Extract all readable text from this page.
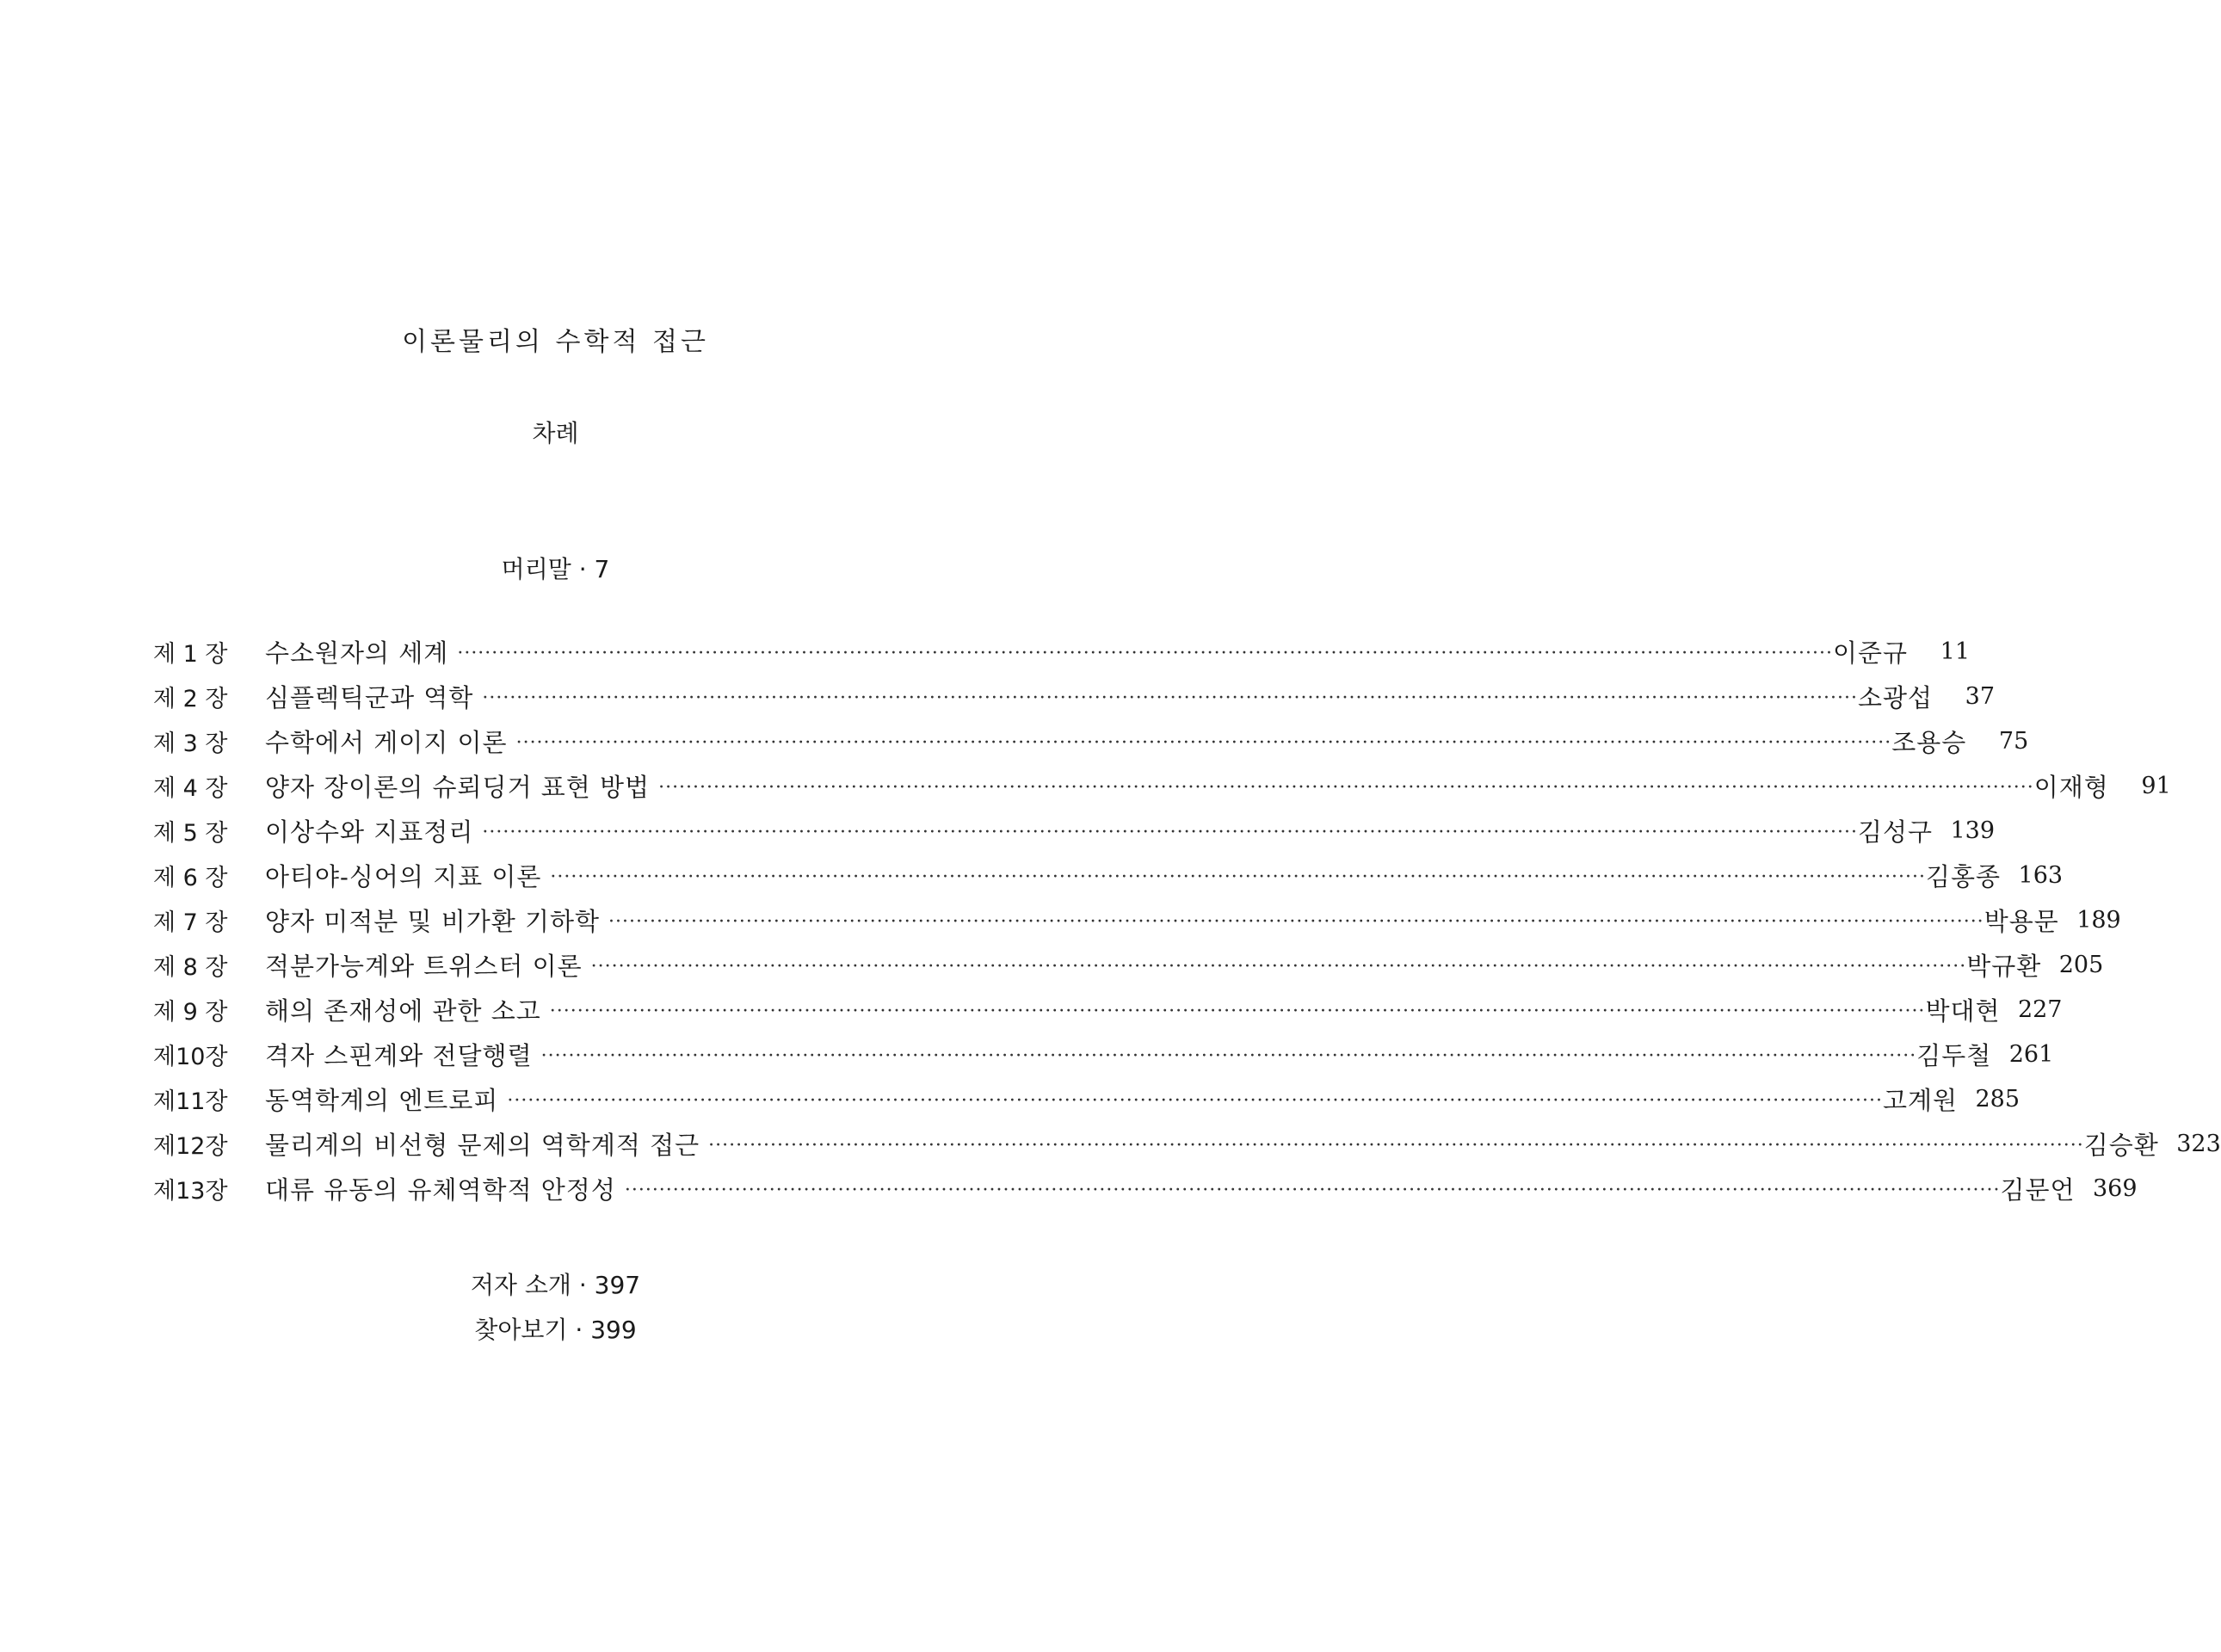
이론물리의 수학적 접근
차례
머리말 · 7
제 1 장	수소원자의 세계 ········································································································································································································ 이준규	11
제 2 장	심플렉틱군과 역학 ········································································································································································································ 소광섭	37
제 3 장	수학에서 게이지 이론 ········································································································································································································ 조용승	75
제 4 장	양자 장이론의 슈뢰딩거 표현 방법 ········································································································································································································ 이재형	91
제 5 장	이상수와 지표정리 ········································································································································································································ 김성구 139
제 6 장	아티야-싱어의 지표 이론 ········································································································································································································ 김홍종 163
제 7 장	양자 미적분 및 비가환 기하학 ········································································································································································································ 박용문 189
제 8 장	적분가능계와 트위스터 이론 ········································································································································································································ 박규환 205
제 9 장	해의 존재성에 관한 소고 ········································································································································································································ 박대현 227
제10장	격자 스핀계와 전달행렬 ········································································································································································································ 김두철 261
제11장	동역학계의 엔트로피 ········································································································································································································ 고계원 285
제12장	물리계의 비선형 문제의 역학계적 접근 ········································································································································································································ 김승환 323
제13장	대류 유동의 유체역학적 안정성 ········································································································································································································ 김문언 369
저자 소개 · 397
찾아보기 · 399
